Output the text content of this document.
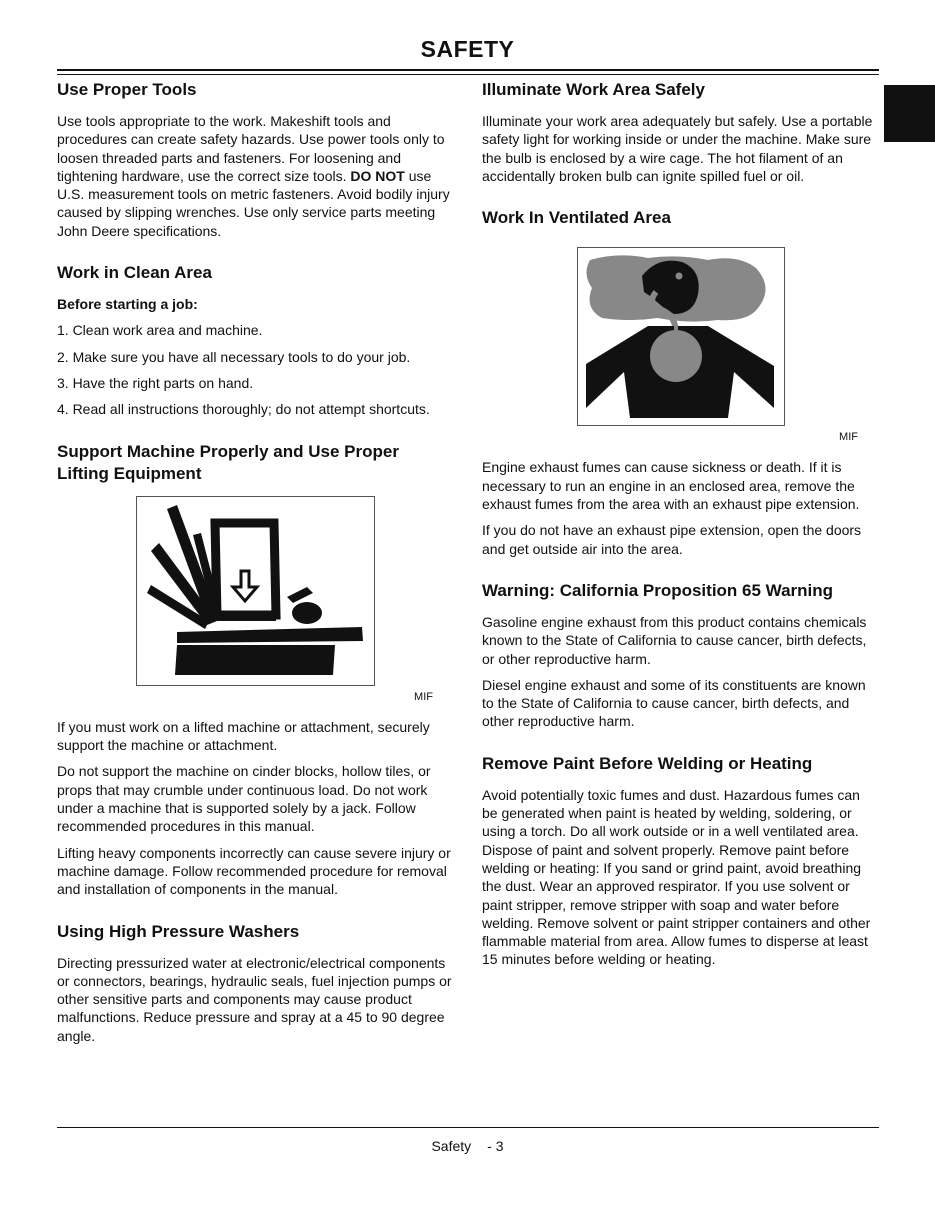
SAFETY
Use Proper Tools

Use tools appropriate to the work. Makeshift tools and procedures can create safety hazards. Use power tools only to loosen threaded parts and fasteners. For loosening and tightening hardware, use the correct size tools. DO NOT use U.S. measurement tools on metric fasteners. Avoid bodily injury caused by slipping wrenches. Use only service parts meeting John Deere specifications.

Work in Clean Area

Before starting a job:

1. Clean work area and machine.

2. Make sure you have all necessary tools to do your job.

3. Have the right parts on hand.

4. Read all instructions thoroughly; do not attempt shortcuts.

Support Machine Properly and Use Proper Lifting Equipment

MIF

If you must work on a lifted machine or attachment, securely support the machine or attachment.

Do not support the machine on cinder blocks, hollow tiles, or props that may crumble under continuous load. Do not work under a machine that is supported solely by a jack. Follow recommended procedures in this manual.

Lifting heavy components incorrectly can cause severe injury or machine damage. Follow recommended procedure for removal and installation of components in the manual.

Using High Pressure Washers

Directing pressurized water at electronic/electrical components or connectors, bearings, hydraulic seals, fuel injection pumps or other sensitive parts and components may cause product malfunctions. Reduce pressure and spray at a 45 to 90 degree angle.

Illuminate Work Area Safely

Illuminate your work area adequately but safely. Use a portable safety light for working inside or under the machine. Make sure the bulb is enclosed by a wire cage. The hot filament of an accidentally broken bulb can ignite spilled fuel or oil.

Work In Ventilated Area

MIF

Engine exhaust fumes can cause sickness or death. If it is necessary to run an engine in an enclosed area, remove the exhaust fumes from the area with an exhaust pipe extension.

If you do not have an exhaust pipe extension, open the doors and get outside air into the area.

Warning: California Proposition 65 Warning

Gasoline engine exhaust from this product contains chemicals known to the State of California to cause cancer, birth defects, or other reproductive harm.

Diesel engine exhaust and some of its constituents are known to the State of California to cause cancer, birth defects, and other reproductive harm.

Remove Paint Before Welding or Heating

Avoid potentially toxic fumes and dust. Hazardous fumes can be generated when paint is heated by welding, soldering, or using a torch. Do all work outside or in a well ventilated area. Dispose of paint and solvent properly. Remove paint before welding or heating: If you sand or grind paint, avoid breathing the dust. Wear an approved respirator. If you use solvent or paint stripper, remove stripper with soap and water before welding. Remove solvent or paint stripper containers and other flammable material from area. Allow fumes to disperse at least 15 minutes before welding or heating.

Safety - 3
